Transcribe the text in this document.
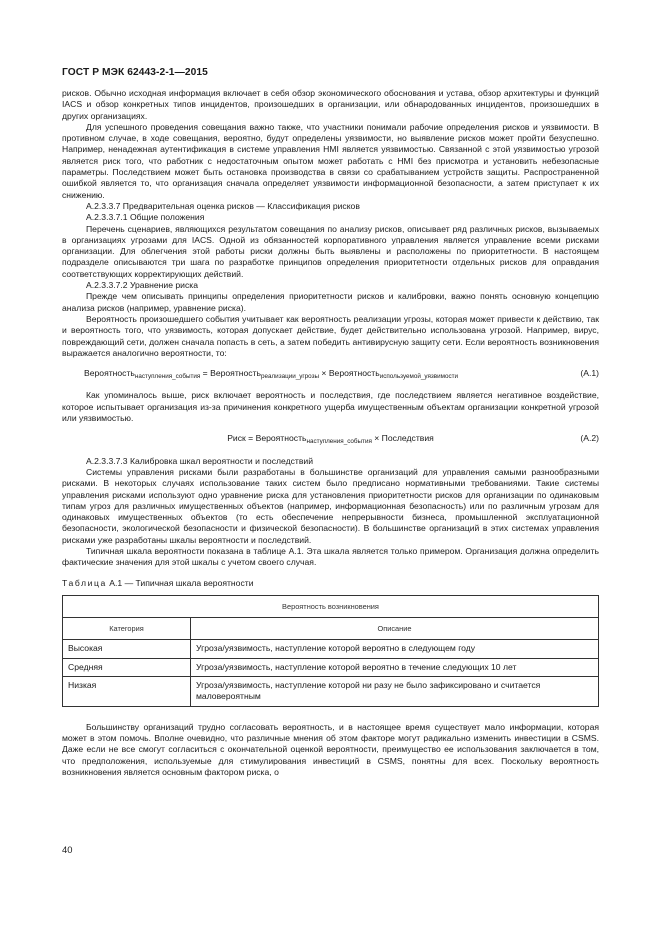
ГОСТ Р МЭК 62443-2-1—2015

рисков. Обычно исходная информация включает в себя обзор экономического обоснования и устава, обзор архитектуры и функций IACS и обзор конкретных типов инцидентов, произошедших в организации, или обнародованных инцидентов, произошедших в других организациях.

Для успешного проведения совещания важно также, что участники понимали рабочие определения рисков и уязвимости. В противном случае, в ходе совещания, вероятно, будут определены уязвимости, но выявление рисков может пройти безуспешно. Например, ненадежная аутентификация в системе управления HMI является уязвимостью. Связанной с этой уязвимостью угрозой является риск того, что работник с недостаточным опытом может работать с HMI без присмотра и установить небезопасные параметры. Последствием может быть остановка производства в связи со срабатыванием устройств защиты. Распространенной ошибкой является то, что организация сначала определяет уязвимости информационной безопасности, а затем приступает к их снижению.

A.2.3.3.7 Предварительная оценка рисков — Классификация рисков

A.2.3.3.7.1 Общие положения

Перечень сценариев, являющихся результатом совещания по анализу рисков, описывает ряд различных рисков, вызываемых в организациях угрозами для IACS. Одной из обязанностей корпоративного управления является управление всеми рисками организации. Для облегчения этой работы риски должны быть выявлены и расположены по приоритетности. В настоящем подразделе описываются три шага по разработке принципов определения приоритетности отдельных рисков для оправдания соответствующих корректирующих действий.

A.2.3.3.7.2 Уравнение риска

Прежде чем описывать принципы определения приоритетности рисков и калибровки, важно понять основную концепцию анализа рисков (например, уравнение риска).

Вероятность произошедшего события учитывает как вероятность реализации угрозы, которая может привести к действию, так и вероятность того, что уязвимость, которая допускает действие, будет действительно использована угрозой. Например, вирус, повреждающий сети, должен сначала попасть в сеть, а затем победить антивирусную защиту сети. Если вероятность возникновения выражается аналогично вероятности, то:

Вероятность$_{наступления\_события}$ = Вероятность$_{реализации\_угрозы}$ × Вероятность$_{используемой\_уязвимости}$	(А.1)

Как упоминалось выше, риск включает вероятность и последствия, где последствием является негативное воздействие, которое испытывает организация из-за причинения конкретного ущерба имущественным объектам организации конкретной угрозой или уязвимостью.

Риск = Вероятность$_{наступления\_события}$ × Последствия	(А.2)

A.2.3.3.7.3 Калибровка шкал вероятности и последствий

Системы управления рисками были разработаны в большинстве организаций для управления самыми разнообразными рисками. В некоторых случаях использование таких систем было предписано нормативными требованиями. Такие системы управления рисками используют одно уравнение риска для установления приоритетности рисков для организации по одинаковым типам угроз для различных имущественных объектов (например, информационная безопасность) или по различным угрозам для одинаковых имущественных объектов (то есть обеспечение непрерывности бизнеса, промышленной эксплуатационной безопасности, экологической безопасности и физической безопасности). В большинстве организаций в этих системах управления рисками уже разработаны шкалы вероятности и последствий.

Типичная шкала вероятности показана в таблице А.1. Эта шкала является только примером. Организация должна определить фактические значения для этой шкалы с учетом своего случая.

Таблица А.1 — Типичная шкала вероятности
Вероятность возникновения	
Категория	Описание
Высокая	Угроза/уязвимость, наступление которой вероятно в следующем году
Средняя	Угроза/уязвимость, наступление которой вероятно в течение следующих 10 лет
Низкая	Угроза/уязвимость, наступление которой ни разу не было зафиксировано и считается маловероятным

Большинству организаций трудно согласовать вероятность, и в настоящее время существует мало информации, которая может в этом помочь. Вполне очевидно, что различные мнения об этом факторе могут радикально изменить инвестиции в CSMS. Даже если не все смогут согласиться с окончательной оценкой вероятности, преимущество ее использования заключается в том, что предположения, используемые для стимулирования инвестиций в CSMS, понятны для всех. Поскольку вероятность возникновения является основным фактором риска, о

40
